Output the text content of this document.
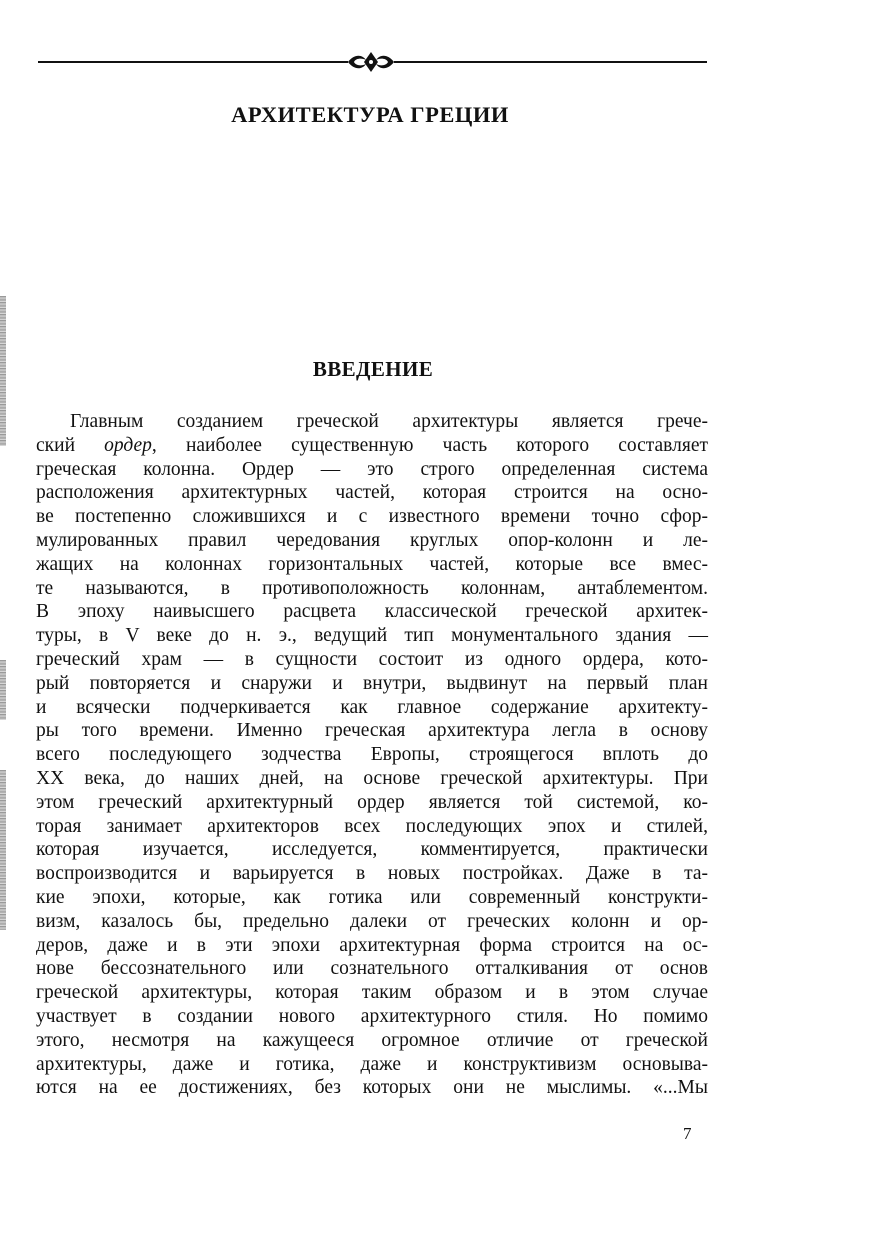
АРХИТЕКТУРА ГРЕЦИИ
ВВЕДЕНИЕ
Главным созданием греческой архитектуры является грече-
ский ордер, наиболее существенную часть которого составляет
греческая колонна. Ордер — это строго определенная система
расположения архитектурных частей, которая строится на осно-
ве постепенно сложившихся и с известного времени точно сфор-
мулированных правил чередования круглых опор-колонн и ле-
жащих на колоннах горизонтальных частей, которые все вмес-
те называются, в противоположность колоннам, антаблементом.
В эпоху наивысшего расцвета классической греческой архитек-
туры, в V веке до н. э., ведущий тип монументального здания —
греческий храм — в сущности состоит из одного ордера, кото-
рый повторяется и снаружи и внутри, выдвинут на первый план
и всячески подчеркивается как главное содержание архитекту-
ры того времени. Именно греческая архитектура легла в основу
всего последующего зодчества Европы, строящегося вплоть до
XX века, до наших дней, на основе греческой архитектуры. При
этом греческий архитектурный ордер является той системой, ко-
торая занимает архитекторов всех последующих эпох и стилей,
которая изучается, исследуется, комментируется, практически
воспроизводится и варьируется в новых постройках. Даже в та-
кие эпохи, которые, как готика или современный конструкти-
визм, казалось бы, предельно далеки от греческих колонн и ор-
деров, даже и в эти эпохи архитектурная форма строится на ос-
нове бессознательного или сознательного отталкивания от основ
греческой архитектуры, которая таким образом и в этом случае
участвует в создании нового архитектурного стиля. Но помимо
этого, несмотря на кажущееся огромное отличие от греческой
архитектуры, даже и готика, даже и конструктивизм основыва-
ются на ее достижениях, без которых они не мыслимы. «...Мы
7
